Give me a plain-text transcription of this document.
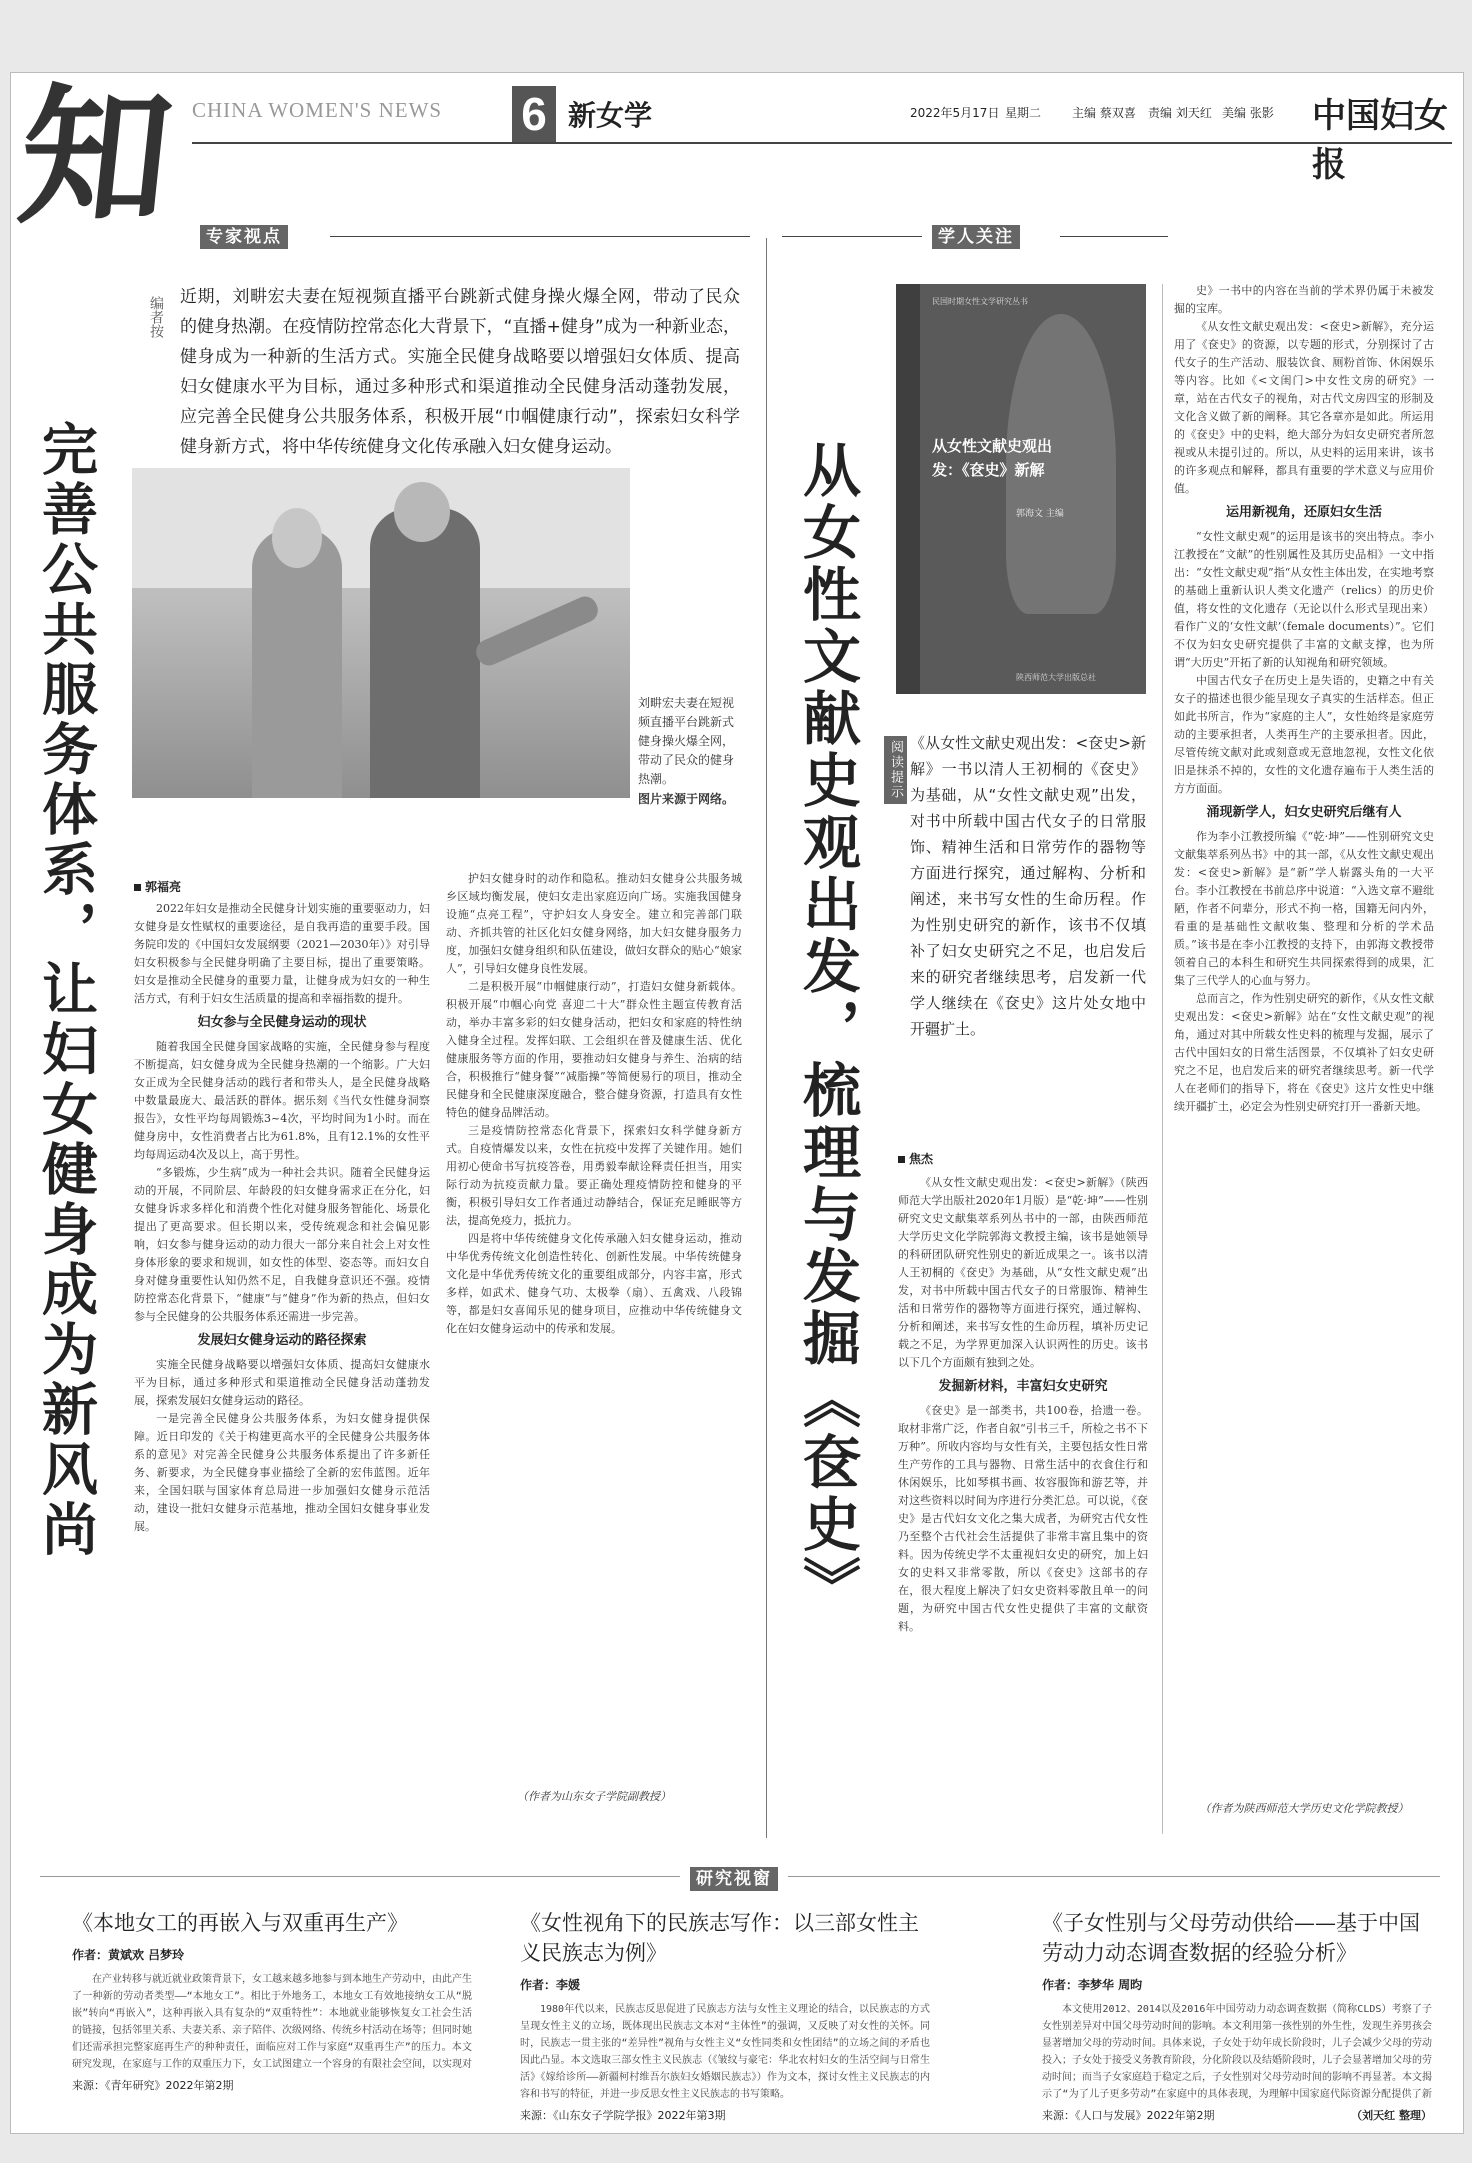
知 CHINA WOMEN'S NEWS 6 新女学	2022年5月17日 星期二	主编 蔡双喜 责编 刘天红 美编 张影 中国妇女报
专家视点
编者按 近期，刘畊宏夫妻在短视频直播平台跳新式健身操火爆全网，带动了民众的健身热潮。在疫情防控常态化大背景下，“直播+健身”成为一种新业态，健身成为一种新的生活方式。实施全民健身战略要以增强妇女体质、提高妇女健康水平为目标，通过多种形式和渠道推动全民健身活动蓬勃发展，应完善全民健身公共服务体系，积极开展“巾帼健康行动”，探索妇女科学健身新方式，将中华传统健身文化传承融入妇女健身运动。
完善公共服务体系，让妇女健身成为新风尚	刘畊宏夫妻在短视频直播平台跳新式健身操火爆全网，带动了民众的健身热潮。
图片来源于网络。
郭福亮

2022年妇女是推动全民健身计划实施的重要驱动力，妇女健身是女性赋权的重要途径，是自我再造的重要手段。国务院印发的《中国妇女发展纲要（2021—2030年）》对引导妇女积极参与全民健身明确了主要目标，提出了重要策略。妇女是推动全民健身的重要力量，让健身成为妇女的一种生活方式，有利于妇女生活质量的提高和幸福指数的提升。

妇女参与全民健身运动的现状

随着我国全民健身国家战略的实施，全民健身参与程度不断提高，妇女健身成为全民健身热潮的一个缩影。广大妇女正成为全民健身活动的践行者和带头人，是全民健身战略中数量最庞大、最活跃的群体。据乐刻《当代女性健身洞察报告》，女性平均每周锻炼3~4次，平均时间为1小时。而在健身房中，女性消费者占比为61.8%，且有12.1%的女性平均每周运动4次及以上，高于男性。

“多锻炼，少生病”成为一种社会共识。随着全民健身运动的开展，不同阶层、年龄段的妇女健身需求正在分化，妇女健身诉求多样化和消费个性化对健身服务智能化、场景化提出了更高要求。但长期以来，受传统观念和社会偏见影响，妇女参与健身运动的动力很大一部分来自社会上对女性身体形象的要求和规训，如女性的体型、姿态等。而妇女自身对健身重要性认知仍然不足，自我健身意识还不强。疫情防控常态化背景下，“健康”与“健身”作为新的热点，但妇女参与全民健身的公共服务体系还需进一步完善。

发展妇女健身运动的路径探索

实施全民健身战略要以增强妇女体质、提高妇女健康水平为目标，通过多种形式和渠道推动全民健身活动蓬勃发展，探索发展妇女健身运动的路径。

一是完善全民健身公共服务体系，为妇女健身提供保障。近日印发的《关于构建更高水平的全民健身公共服务体系的意见》对完善全民健身公共服务体系提出了许多新任务、新要求，为全民健身事业描绘了全新的宏伟蓝图。近年来，全国妇联与国家体育总局进一步加强妇女健身示范活动，建设一批妇女健身示范基地，推动全国妇女健身事业发展。

护妇女健身时的动作和隐私。推动妇女健身公共服务城乡区域均衡发展，使妇女走出家庭迈向广场。实施我国健身设施“点亮工程”，守护妇女人身安全。建立和完善部门联动、齐抓共管的社区化妇女健身网络，加大妇女健身服务力度，加强妇女健身组织和队伍建设，做妇女群众的贴心“娘家人”，引导妇女健身良性发展。

二是积极开展“巾帼健康行动”，打造妇女健身新载体。积极开展“巾帼心向党 喜迎二十大”群众性主题宣传教育活动，举办丰富多彩的妇女健身活动，把妇女和家庭的特性纳入健身全过程。发挥妇联、工会组织在普及健康生活、优化健康服务等方面的作用，要推动妇女健身与养生、治病的结合，积极推行“健身餐”“减脂操”等简便易行的项目，推动全民健身和全民健康深度融合，整合健身资源，打造具有女性特色的健身品牌活动。

三是疫情防控常态化背景下，探索妇女科学健身新方式。自疫情爆发以来，女性在抗疫中发挥了关键作用。她们用初心使命书写抗疫答卷，用勇毅奉献诠释责任担当，用实际行动为抗疫贡献力量。要正确处理疫情防控和健身的平衡，积极引导妇女工作者通过动静结合，保证充足睡眠等方法，提高免疫力，抵抗力。

四是将中华传统健身文化传承融入妇女健身运动，推动中华优秀传统文化创造性转化、创新性发展。中华传统健身文化是中华优秀传统文化的重要组成部分，内容丰富，形式多样，如武术、健身气功、太极拳（扇）、五禽戏、八段锦等，都是妇女喜闻乐见的健身项目，应推动中华传统健身文化在妇女健身运动中的传承和发展。

（作者为山东女子学院副教授）
学人关注
民国时期女性文学研究丛书
从女性文献史观出发：《奁史》新解
郭海文 主编
陕西师范大学出版总社
从女性文献史观出发，梳理与发掘《奁史》	阅读提示 《从女性文献史观出发：<奁史>新解》一书以清人王初桐的《奁史》为基础，从“女性文献史观”出发，对书中所载中国古代女子的日常服饰、精神生活和日常劳作的器物等方面进行探究，通过解构、分析和阐述，来书写女性的生命历程。作为性别史研究的新作，该书不仅填补了妇女史研究之不足，也启发后来的研究者继续思考，启发新一代学人继续在《奁史》这片处女地中开疆扩土。
焦杰

《从女性文献史观出发：<奁史>新解》（陕西师范大学出版社2020年1月版）是“乾·坤”——性别研究文史文献集萃系列丛书中的一部，由陕西师范大学历史文化学院郭海文教授主编，该书是她领导的科研团队研究性别史的新近成果之一。该书以清人王初桐的《奁史》为基础，从“女性文献史观”出发，对书中所载中国古代女子的日常服饰、精神生活和日常劳作的器物等方面进行探究，通过解构、分析和阐述，来书写女性的生命历程，填补历史记载之不足，为学界更加深入认识两性的历史。该书以下几个方面颇有独到之处。

发掘新材料，丰富妇女史研究

《奁史》是一部类书，共100卷，拾遗一卷。取材非常广泛，作者自叙“引书三千，所检之书不下万种”。所收内容均与女性有关，主要包括女性日常生产劳作的工具与器物、日常生活中的衣食住行和休闲娱乐，比如琴棋书画、妆容服饰和游艺等，并对这些资料以时间为序进行分类汇总。可以说，《奁史》是古代妇女文化之集大成者，为研究古代女性乃至整个古代社会生活提供了非常丰富且集中的资料。因为传统史学不太重视妇女史的研究，加上妇女的史料又非常零散，所以《奁史》这部书的存在，很大程度上解决了妇女史资料零散且单一的问题，为研究中国古代女性史提供了丰富的文献资料。

史》一书中的内容在当前的学术界仍属于未被发掘的宝库。

《从女性文献史观出发：<奁史>新解》，充分运用了《奁史》的资源，以专题的形式，分别探讨了古代女子的生产活动、服装饮食、厕粉首饰、休闲娱乐等内容。比如《<文闺门>中女性文房的研究》一章，站在古代女子的视角，对古代文房四宝的形制及文化含义做了新的阐释。其它各章亦是如此。所运用的《奁史》中的史料，绝大部分为妇女史研究者所忽视或从未提引过的。所以，从史料的运用来讲，该书的许多观点和解释，都具有重要的学术意义与应用价值。

运用新视角，还原妇女生活

“女性文献史观”的运用是该书的突出特点。李小江教授在“文献”的性别属性及其历史品相》一文中指出：“女性文献史观”指“从女性主体出发，在实地考察的基础上重新认识人类文化遗产（relics）的历史价值，将女性的文化遗存（无论以什么形式呈现出来）看作广义的‘女性文献’（female documents）”。它们不仅为妇女史研究提供了丰富的文献支撑，也为所谓“大历史”开拓了新的认知视角和研究领域。

中国古代女子在历史上是失语的，史籍之中有关女子的描述也很少能呈现女子真实的生活样态。但正如此书所言，作为“家庭的主人”，女性始终是家庭劳动的主要承担者，人类再生产的主要承担者。因此，尽管传统文献对此或刻意或无意地忽视，女性文化依旧是抹杀不掉的，女性的文化遗存遍布于人类生活的方方面面。

涌现新学人，妇女史研究后继有人

作为李小江教授所编《“乾·坤”——性别研究文史文献集萃系列丛书》中的其一部，《从女性文献史观出发：<奁史>新解》是“新”学人崭露头角的一大平台。李小江教授在书前总序中说道：“入选文章不避纰陋，作者不问辈分，形式不拘一格，国籍无问内外，看重的是基础性文献收集、整理和分析的学术品质。”该书是在李小江教授的支持下，由郭海文教授带领着自己的本科生和研究生共同探索得到的成果，汇集了三代学人的心血与努力。

总而言之，作为性别史研究的新作，《从女性文献史观出发：<奁史>新解》站在“女性文献史观”的视角，通过对其中所载女性史料的梳理与发掘，展示了古代中国妇女的日常生活图景，不仅填补了妇女史研究之不足，也启发后来的研究者继续思考。新一代学人在老师们的指导下，将在《奁史》这片女性史中继续开疆扩土，必定会为性别史研究打开一番新天地。

（作者为陕西师范大学历史文化学院教授）
研究视窗
《本地女工的再嵌入与双重再生产》
作者：黄斌欢 吕梦玲
在产业转移与就近就业政策背景下，女工越来越多地参与到本地生产劳动中，由此产生了一种新的劳动者类型——“本地女工”。相比于外地务工，本地女工有效地接纳女工从“脱嵌”转向“再嵌入”，这种再嵌入具有复杂的“双重特性”：本地就业能够恢复女工社会生活的链接，包括邻里关系、夫妻关系、亲子陪伴、次级网络、传统乡村活动在场等；但同时她们还需承担完整家庭再生产的种种责任，面临应对工作与家庭“双重再生产”的压力。本文研究发现，在家庭与工作的双重压力下，女工试图建立一个容身的有限社会空间，以实现对
来源：《青年研究》2022年第2期
《女性视角下的民族志写作：以三部女性主义民族志为例》
作者：李媛
1980年代以来，民族志反思促进了民族志方法与女性主义理论的结合，以民族志的方式呈现女性主义的立场，既体现出民族志文本对“主体性”的强调，又反映了对女性的关怀。同时，民族志一贯主张的“差异性”视角与女性主义“女性同类和女性团结”的立场之间的矛盾也因此凸显。本文选取三部女性主义民族志（《皱纹与豪宅：华北农村妇女的生活空间与日常生活》《嫁给诊所——新疆柯村维吾尔族妇女婚姻民族志》）作为文本，探讨女性主义民族志的内容和书写的特征，并进一步反思女性主义民族志的书写策略。
来源：《山东女子学院学报》2022年第3期
《子女性别与父母劳动供给——基于中国劳动力动态调查数据的经验分析》
作者：李梦华 周昀
本文使用2012、2014以及2016年中国劳动力动态调查数据（简称CLDS）考察了子女性别差异对中国父母劳动时间的影响。本文利用第一孩性别的外生性，发现生养男孩会显著增加父母的劳动时间。具体来说，子女处于幼年成长阶段时，儿子会减少父母的劳动投入；子女处于接受义务教育阶段，分化阶段以及结婚阶段时，儿子会显著增加父母的劳动时间；而当子女家庭趋于稳定之后，子女性别对父母劳动时间的影响不再显著。本文揭示了“为了儿子更多劳动”在家庭中的具体表现，为理解中国家庭代际资源分配提供了新
来源：《人口与发展》2022年第2期	（刘天红 整理）
